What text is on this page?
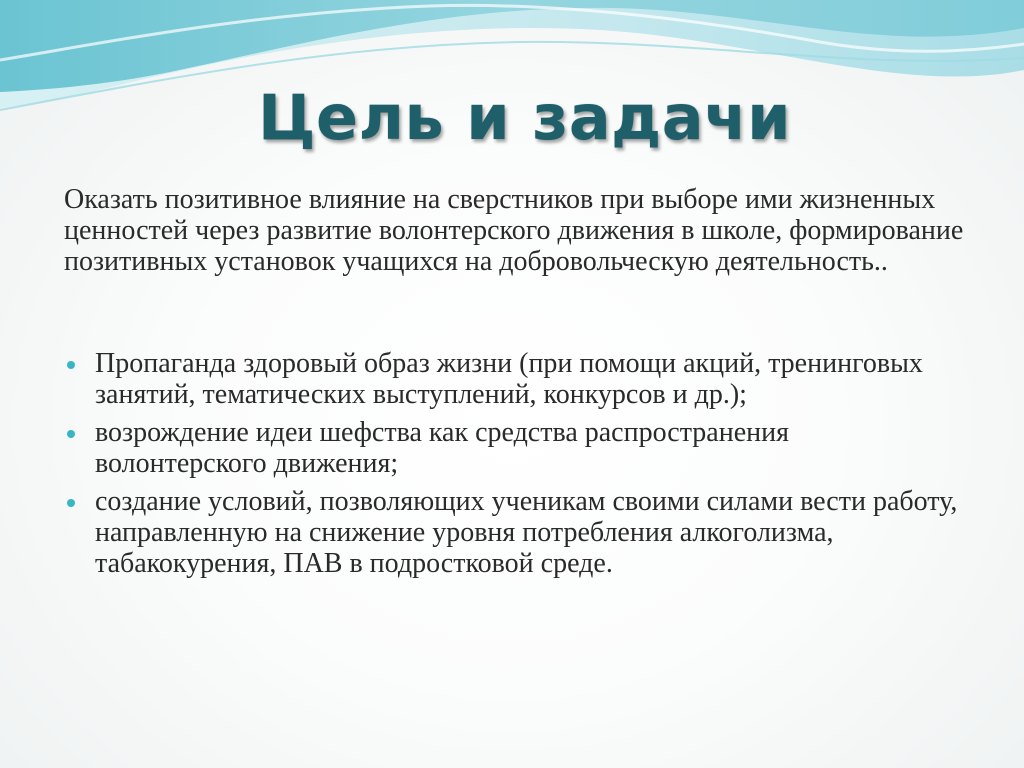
Цель и задачи

Оказать позитивное влияние на сверстников при выборе ими жизненных ценностей через развитие волонтерского движения в школе, формирование позитивных установок учащихся на добровольческую деятельность..

Пропаганда здоровый образ жизни (при помощи акций, тренинговых занятий, тематических выступлений, конкурсов и др.);
возрождение идеи шефства как средства распространения волонтерского движения;
создание условий, позволяющих ученикам своими силами вести работу, направленную на снижение уровня потребления алкоголизма, табакокурения, ПАВ в подростковой среде.
